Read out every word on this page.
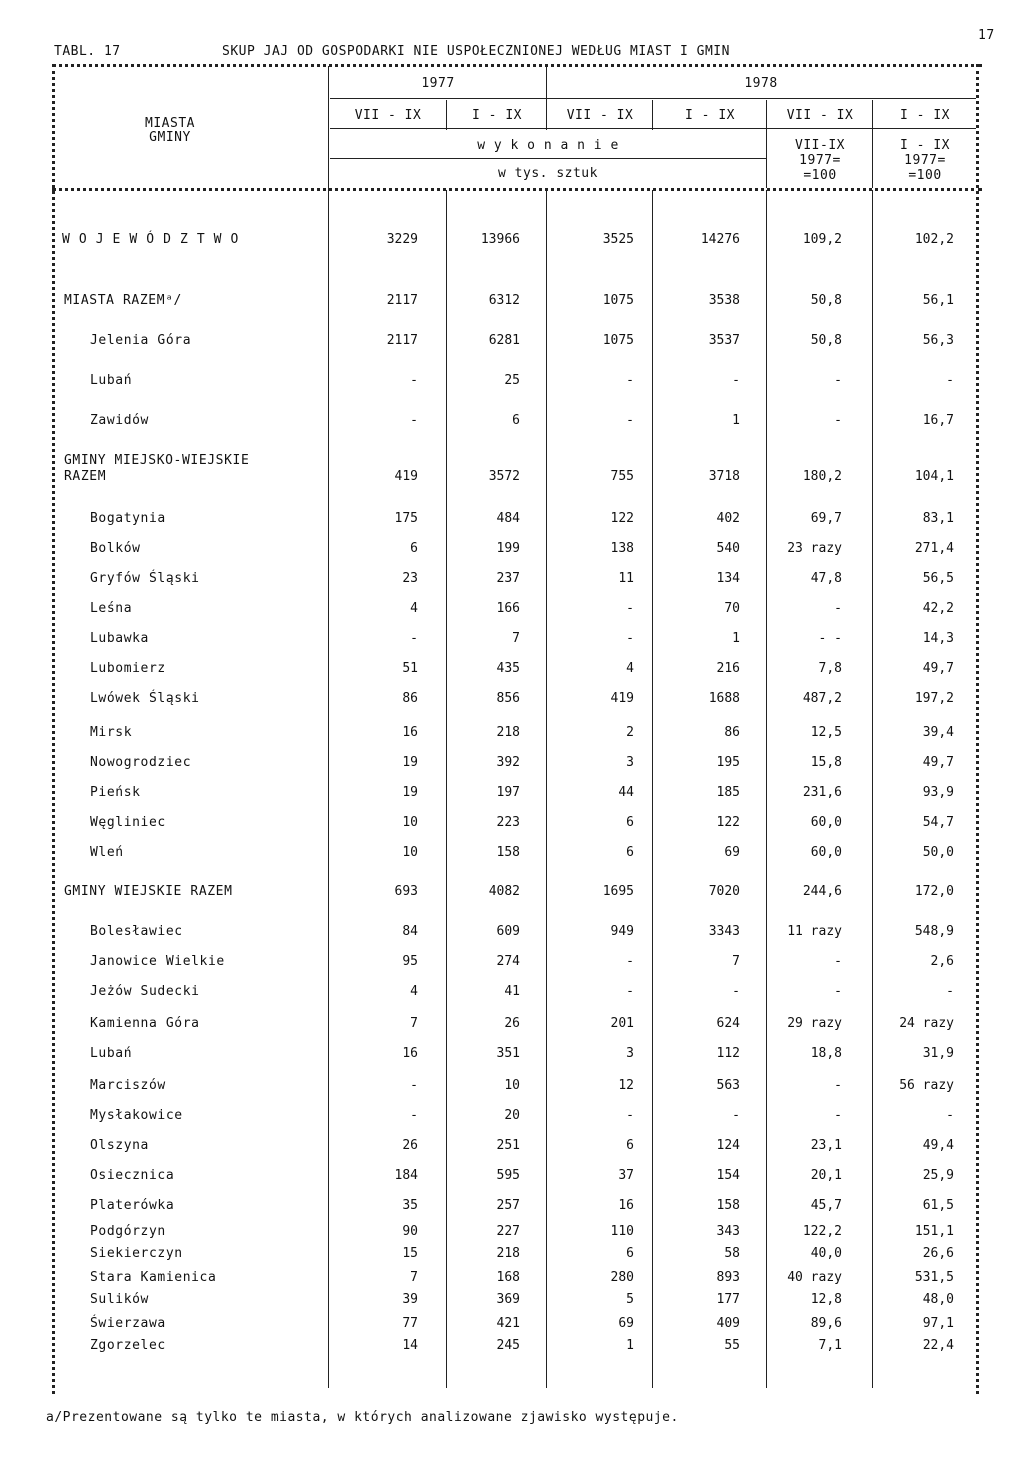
17
TABL. 17	SKUP JAJ OD GOSPODARKI NIE USPOŁECZNIONEJ WEDŁUG MIAST I GMIN
MIASTA
GMINY
1977	1978
VII - IX	I - IX	VII - IX	I - IX	VII - IX	I - IX
w y k o n a n i e
w tys. sztuk
VII-IX
1977=
=100
I - IX
1977=
=100
W O J E W Ó D Z T W O	3229	13966	3525	14276	109,2	102,2
MIASTA RAZEMᵃ/	2117	6312	1075	3538	50,8	56,1
Jelenia Góra	2117	6281	1075	3537	50,8	56,3
Lubań	-	25	-	-	-	-
Zawidów	-	6	-	1	-	16,7
GMINY MIEJSKO-WIEJSKIE
RAZEM	419	3572	755	3718	180,2	104,1
Bogatynia	175	484	122	402	69,7	83,1
Bolków	6	199	138	540	23 razy	271,4
Gryfów Śląski	23	237	11	134	47,8	56,5
Leśna	4	166	-	70	-	42,2
Lubawka	-	7	-	1	- -	14,3
Lubomierz	51	435	4	216	7,8	49,7
Lwówek Śląski	86	856	419	1688	487,2	197,2
Mirsk	16	218	2	86	12,5	39,4
Nowogrodziec	19	392	3	195	15,8	49,7
Pieńsk	19	197	44	185	231,6	93,9
Węgliniec	10	223	6	122	60,0	54,7
Wleń	10	158	6	69	60,0	50,0
GMINY WIEJSKIE RAZEM	693	4082	1695	7020	244,6	172,0
Bolesławiec	84	609	949	3343	11 razy	548,9
Janowice Wielkie	95	274	-	7	-	2,6
Jeżów Sudecki	4	41	-	-	-	-
Kamienna Góra	7	26	201	624	29 razy	24 razy
Lubań	16	351	3	112	18,8	31,9
Marciszów	-	10	12	563	-	56 razy
Mysłakowice	-	20	-	-	-	-
Olszyna	26	251	6	124	23,1	49,4
Osiecznica	184	595	37	154	20,1	25,9
Platerówka	35	257	16	158	45,7	61,5
Podgórzyn	90	227	110	343	122,2	151,1
Siekierczyn	15	218	6	58	40,0	26,6
Stara Kamienica	7	168	280	893	40 razy	531,5
Sulików	39	369	5	177	12,8	48,0
Świerzawa	77	421	69	409	89,6	97,1
Zgorzelec	14	245	1	55	7,1	22,4
a/Prezentowane są tylko te miasta, w których analizowane zjawisko występuje.
